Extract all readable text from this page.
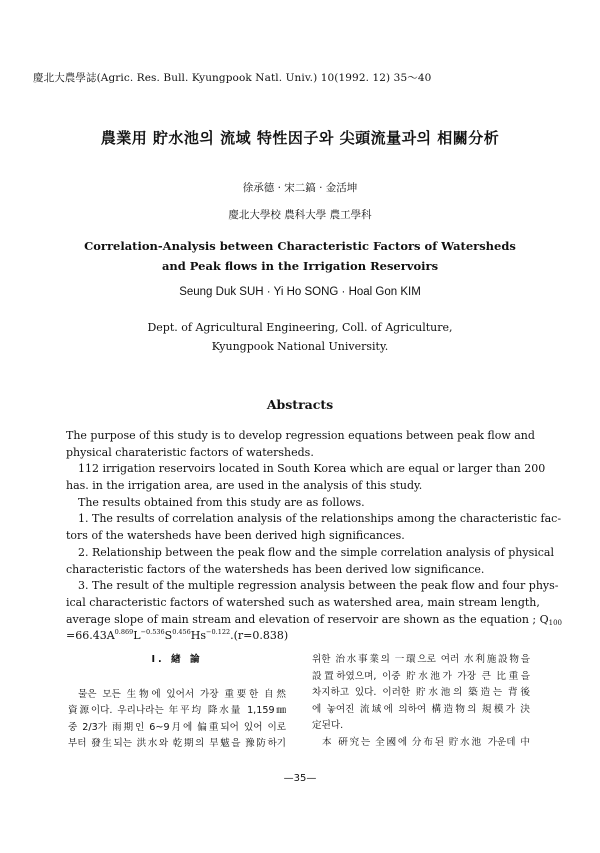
慶北大農學誌(Agric. Res. Bull. Kyungpook Natl. Univ.) 10(1992. 12) 35～40
農業用 貯水池의 流域 特性因子와 尖頭流量과의 相關分析
徐承德 · 宋二鎬 · 金活坤
慶北大學校 農科大學 農工學科
Correlation-Analysis between Characteristic Factors of Watersheds
and Peak flows in the Irrigation Reservoirs
Seung Duk SUH · Yi Ho SONG · Hoal Gon KIM
Dept. of Agricultural Engineering, Coll. of Agriculture,
Kyungpook National University.
Abstracts
The purpose of this study is to develop regression equations between peak flow and
physical charateristic factors of watersheds.
112 irrigation reservoirs located in South Korea which are equal or larger than 200
has. in the irrigation area, are used in the analysis of this study.
The results obtained from this study are as follows.
1. The results of correlation analysis of the relationships among the characteristic fac-
tors of the watersheds have been derived high significances.
2. Relationship between the peak flow and the simple correlation analysis of physical
characteristic factors of the watersheds has been derived low significance.
3. The result of the multiple regression analysis between the peak flow and four phys-
ical characteristic factors of watershed such as watershed area, main stream length,
average slope of main stream and elevation of reservoir are shown as the equation ; $Q_{100}$
$=66.43A^{0.869}L^{-0.536}S^{0.456}Hs^{-0.122}.(r=0.838)$
I. 緖 論
물은 모든 生物에 있어서 가장 重要한 自然
資源이다. 우리나라는 年平均 降水量 1,159㎜
중 2/3가 雨期인 6~9月에 偏重되어 있어 이로
부터 發生되는 洪水와 乾期의 旱魃을 豫防하기
위한 治水事業의 一環으로 여러 水利施設物을
設置하였으며, 이중 貯水池가 가장 큰 比重을
차지하고 있다. 이러한 貯水池의 築造는 背後
에 놓여진 流域에 의하여 構造物의 規模가 決
定된다.
本 硏究는 全國에 分布된 貯水池 가운데 中
—35—
